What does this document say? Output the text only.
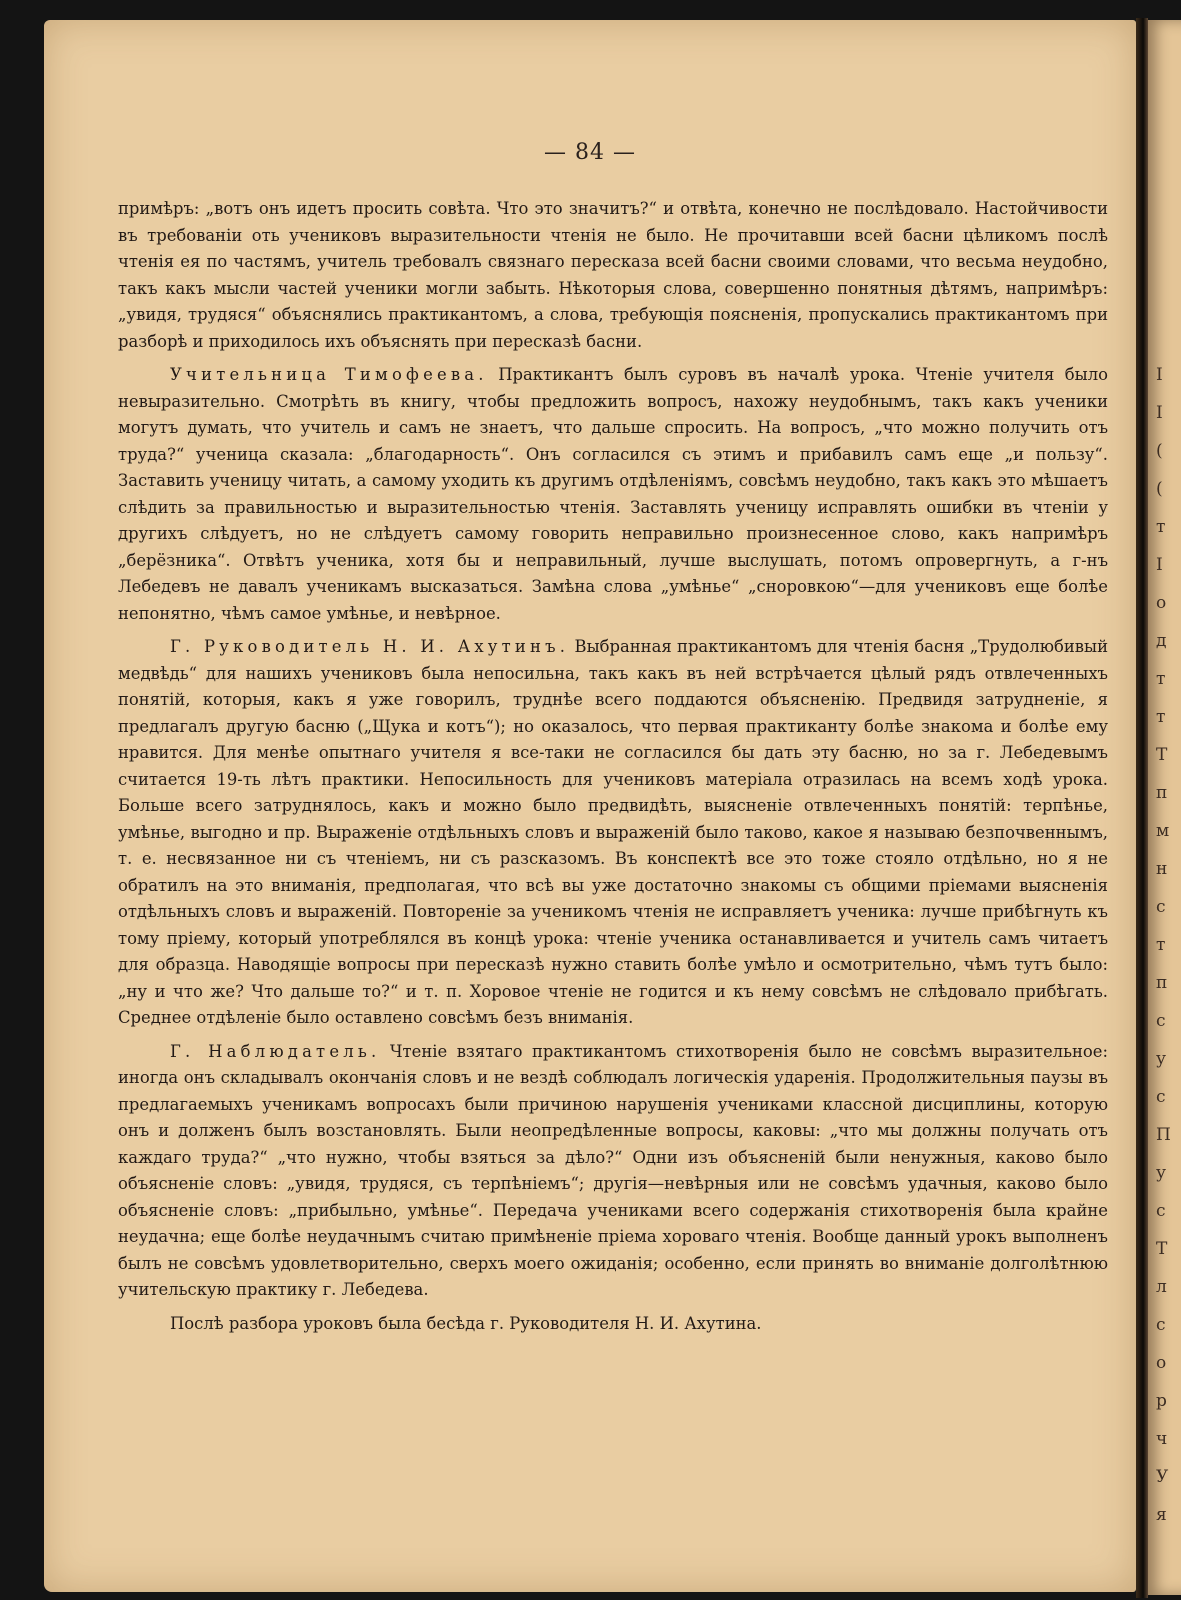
— 84 —

примѣръ: „вотъ онъ идетъ просить совѣта. Что это значитъ?“ и отвѣта, конечно не послѣдовало. Настойчивости въ требованіи оть учениковъ выразительности чтенія не было. Не прочитавши всей басни цѣликомъ послѣ чтенія ея по частямъ, учитель требовалъ связнаго пересказа всей басни своими словами, что весьма неудобно, такъ какъ мысли частей ученики могли забыть. Нѣкоторыя слова, совершенно понятныя дѣтямъ, напримѣръ: „увидя, трудяся“ объяснялись практикантомъ, а слова, требующія поясненія, пропускались практикантомъ при разборѣ и приходилось ихъ объяснять при пересказѣ басни.

Учительница Тимофеева. Практикантъ былъ суровъ въ началѣ урока. Чтеніе учителя было невыразительно. Смотрѣть въ книгу, чтобы предложить вопросъ, нахожу неудобнымъ, такъ какъ ученики могутъ думать, что учитель и самъ не знаетъ, что дальше спросить. На вопросъ, „что можно получить отъ труда?“ ученица сказала: „благодарность“. Онъ согласился съ этимъ и прибавилъ самъ еще „и пользу“. Заставить ученицу читать, а самому уходить къ другимъ отдѣленіямъ, совсѣмъ неудобно, такъ какъ это мѣшаетъ слѣдить за правильностью и выразительностью чтенія. Заставлять ученицу исправлять ошибки въ чтеніи у другихъ слѣдуетъ, но не слѣдуетъ самому говорить неправильно произнесенное слово, какъ напримѣръ „берёзника“. Отвѣтъ ученика, хотя бы и неправильный, лучше выслушать, потомъ опровергнуть, а г-нъ Лебедевъ не давалъ ученикамъ высказаться. Замѣна слова „умѣнье“ „сноровкою“—для учениковъ еще болѣе непонятно, чѣмъ самое умѣнье, и невѣрное.

Г. Руководитель Н. И. Ахутинъ. Выбранная практикантомъ для чтенія басня „Трудолюбивый медвѣдь“ для нашихъ учениковъ была непосильна, такъ какъ въ ней встрѣчается цѣлый рядъ отвлеченныхъ понятій, которыя, какъ я уже говорилъ, труднѣе всего поддаются объясненію. Предвидя затрудненіе, я предлагалъ другую басню („Щука и котъ“); но оказалось, что первая практиканту болѣе знакома и болѣе ему нравится. Для менѣе опытнаго учителя я все-таки не согласился бы дать эту басню, но за г. Лебедевымъ считается 19-ть лѣтъ практики. Непосильность для учениковъ матеріала отразилась на всемъ ходѣ урока. Больше всего затруднялось, какъ и можно было предвидѣть, выясненіе отвлеченныхъ понятій: терпѣнье, умѣнье, выгодно и пр. Выраженіе отдѣльныхъ словъ и выраженій было таково, какое я называю безпочвеннымъ, т. е. несвязанное ни съ чтеніемъ, ни съ разсказомъ. Въ конспектѣ все это тоже стояло отдѣльно, но я не обратилъ на это вниманія, предполагая, что всѣ вы уже достаточно знакомы съ общими пріемами выясненія отдѣльныхъ словъ и выраженій. Повтореніе за ученикомъ чтенія не исправляетъ ученика: лучше прибѣгнуть къ тому пріему, который употреблялся въ концѣ урока: чтеніе ученика останавливается и учитель самъ читаетъ для образца. Наводящіе вопросы при пересказѣ нужно ставить болѣе умѣло и осмотрительно, чѣмъ тутъ было: „ну и что же? Что дальше то?“ и т. п. Хоровое чтеніе не годится и къ нему совсѣмъ не слѣдовало прибѣгать. Среднее отдѣленіе было оставлено совсѣмъ безъ вниманія.

Г. Наблюдатель. Чтеніе взятаго практикантомъ стихотворенія было не совсѣмъ выразительное: иногда онъ складывалъ окончанія словъ и не вездѣ соблюдалъ логическія ударенія. Продолжительныя паузы въ предлагаемыхъ ученикамъ вопросахъ были причиною нарушенія учениками классной дисциплины, которую онъ и долженъ былъ возстановлять. Были неопредѣленные вопросы, каковы: „что мы должны получать отъ каждаго труда?“ „что нужно, чтобы взяться за дѣло?“ Одни изъ объясненій были ненужныя, каково было объясненіе словъ: „увидя, трудяся, съ терпѣніемъ“; другія—невѣрныя или не совсѣмъ удачныя, каково было объясненіе словъ: „прибыльно, умѣнье“. Передача учениками всего содержанія стихотворенія была крайне неудачна; еще болѣе неудачнымъ считаю примѣненіе пріема хороваго чтенія. Вообще данный урокъ выполненъ былъ не совсѣмъ удовлетворительно, сверхъ моего ожиданія; особенно, если принять во вниманіе долголѣтнюю учительскую практику г. Лебедева.

Послѣ разбора уроковъ была бесѣда г. Руководителя Н. И. Ахутина.

I
I
(
(
т
I
о
д
т
т
Т
п
м
н
с
т
п
с
у
с
П
у
с
Т
л
с
о
р
ч
У
я
